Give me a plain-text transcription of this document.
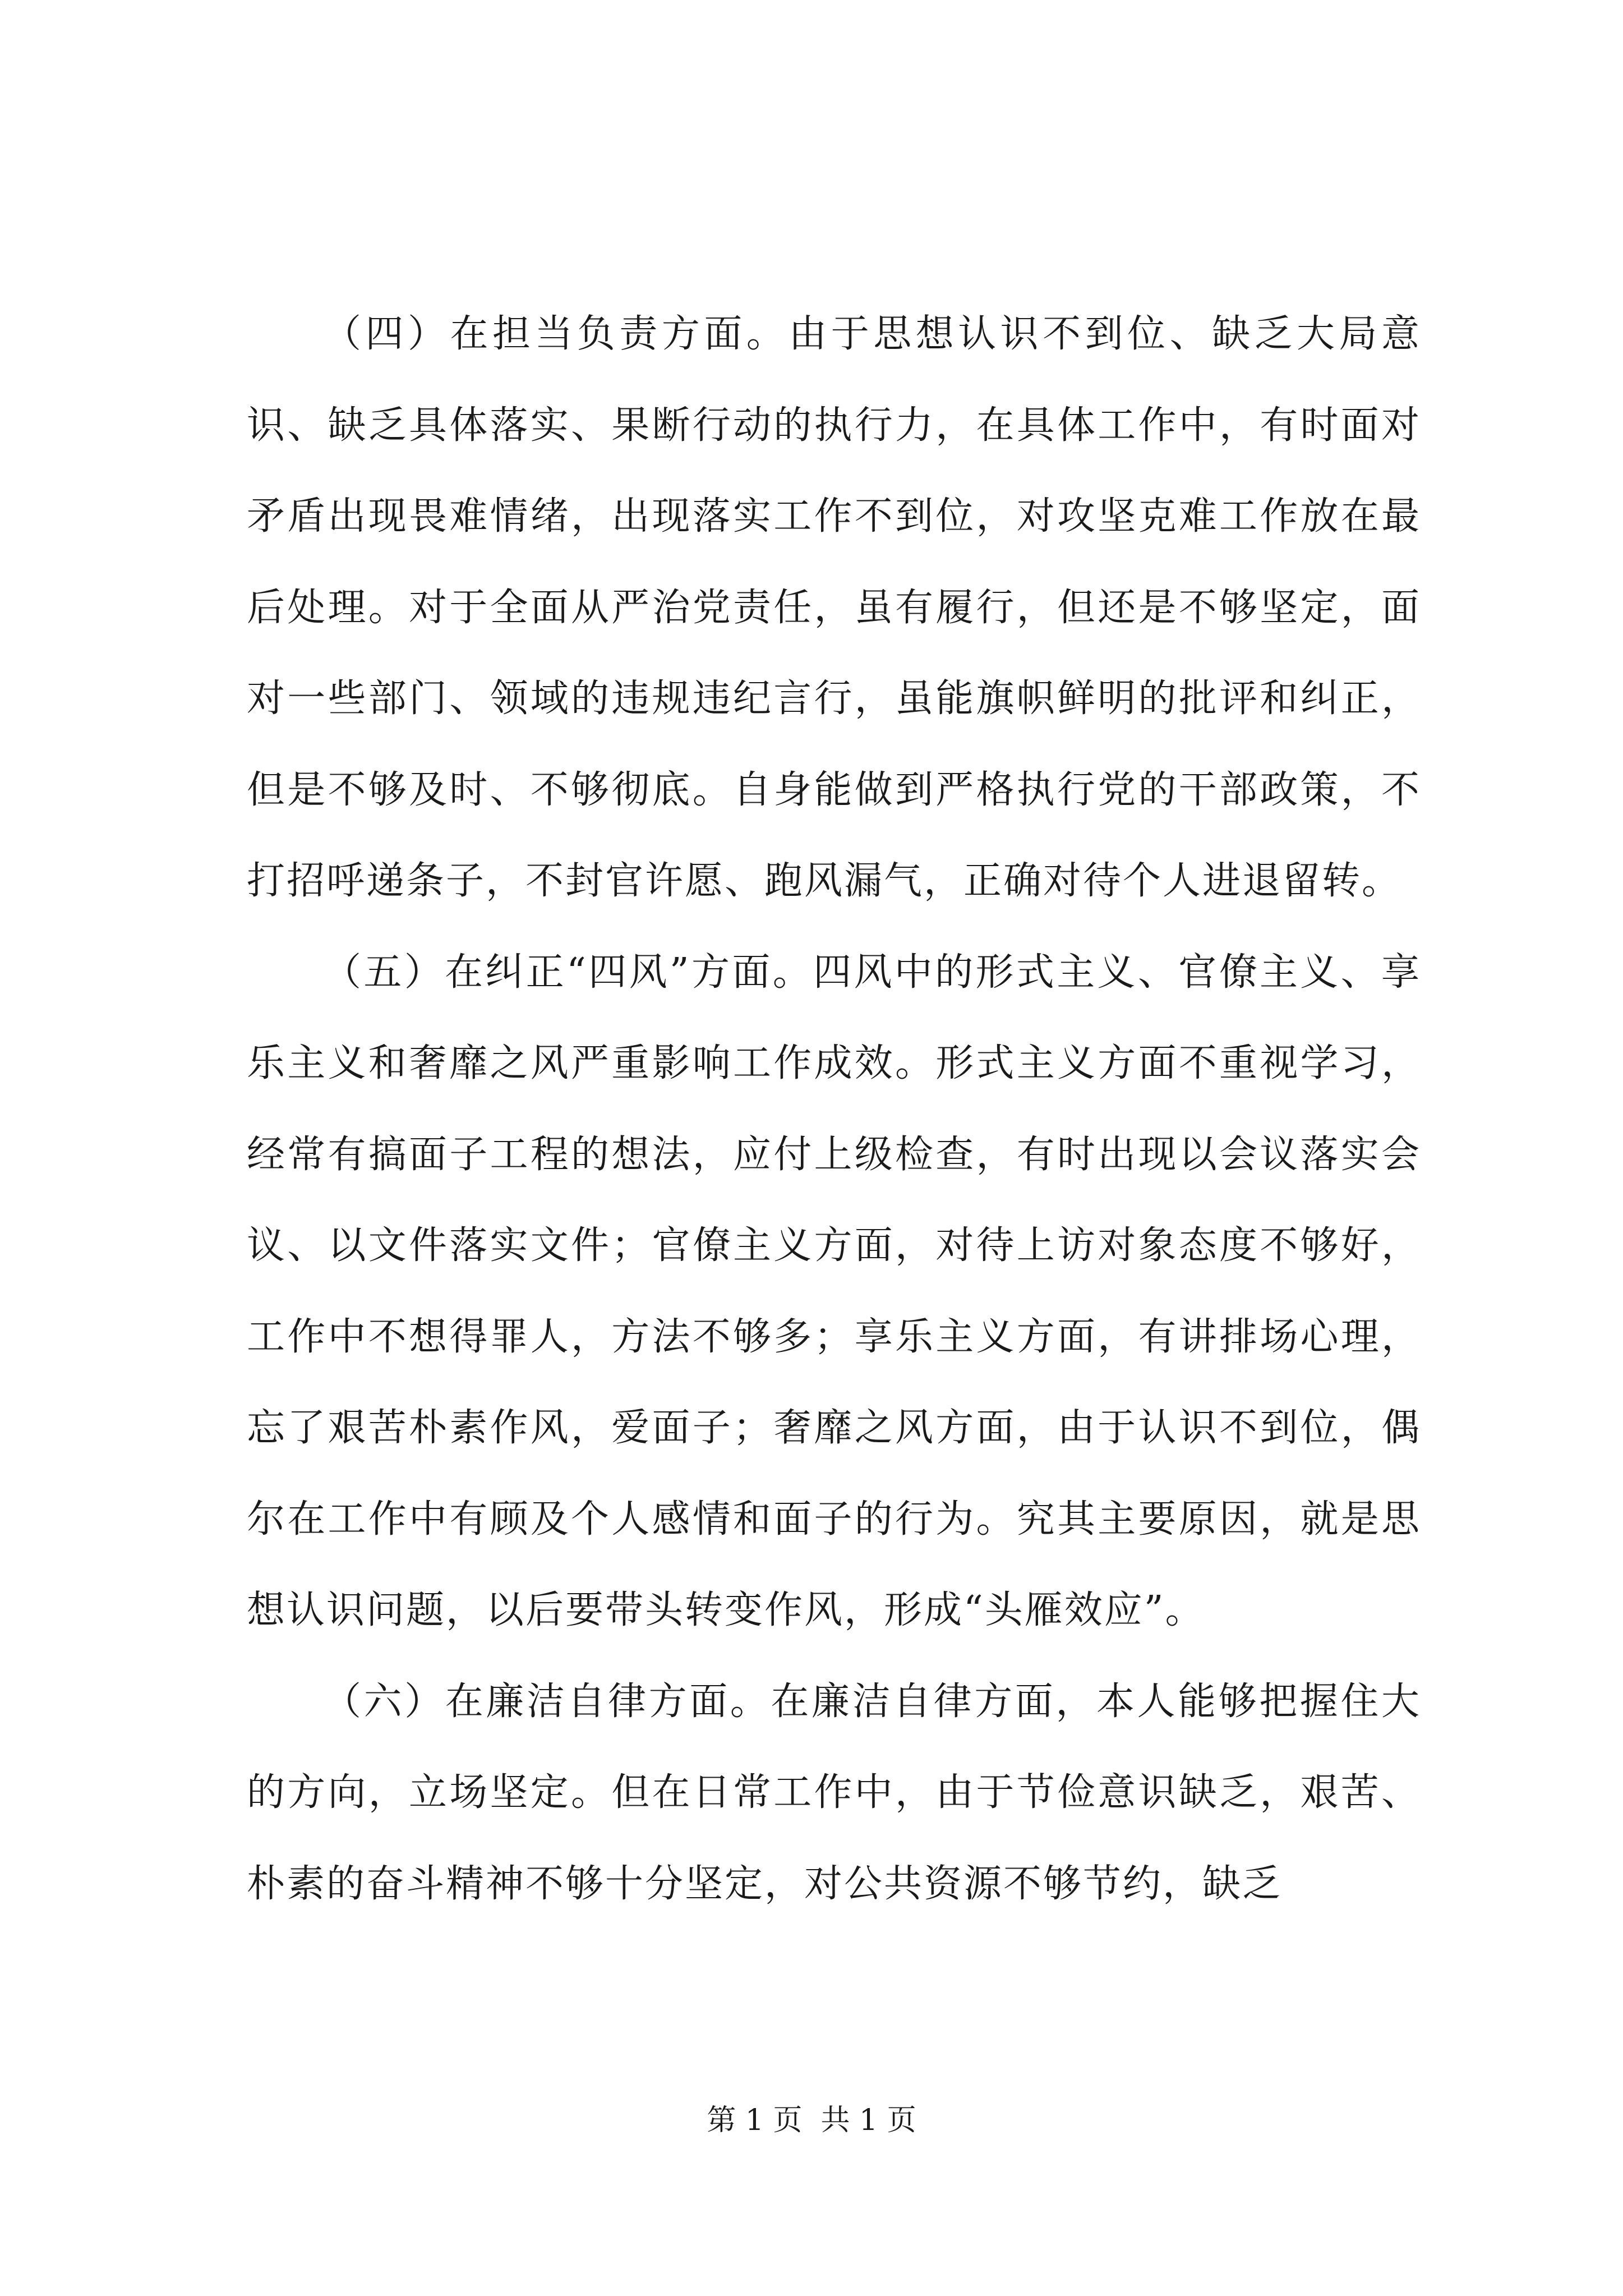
（四）在担当负责方面。由于思想认识不到位、缺乏大局意识、缺乏具体落实、果断行动的执行力，在具体工作中，有时面对矛盾出现畏难情绪，出现落实工作不到位，对攻坚克难工作放在最后处理。对于全面从严治党责任，虽有履行，但还是不够坚定，面对一些部门、领域的违规违纪言行，虽能旗帜鲜明的批评和纠正，但是不够及时、不够彻底。自身能做到严格执行党的干部政策，不打招呼递条子，不封官许愿、跑风漏气，正确对待个人进退留转。

（五）在纠正“四风”方面。四风中的形式主义、官僚主义、享乐主义和奢靡之风严重影响工作成效。形式主义方面不重视学习，经常有搞面子工程的想法，应付上级检查，有时出现以会议落实会议、以文件落实文件；官僚主义方面，对待上访对象态度不够好，工作中不想得罪人，方法不够多；享乐主义方面，有讲排场心理，忘了艰苦朴素作风，爱面子；奢靡之风方面，由于认识不到位，偶尔在工作中有顾及个人感情和面子的行为。究其主要原因，就是思想认识问题，以后要带头转变作风，形成“头雁效应”。

（六）在廉洁自律方面。在廉洁自律方面，本人能够把握住大的方向，立场坚定。但在日常工作中，由于节俭意识缺乏，艰苦、朴素的奋斗精神不够十分坚定，对公共资源不够节约，缺乏

第 1 页  共 1 页
